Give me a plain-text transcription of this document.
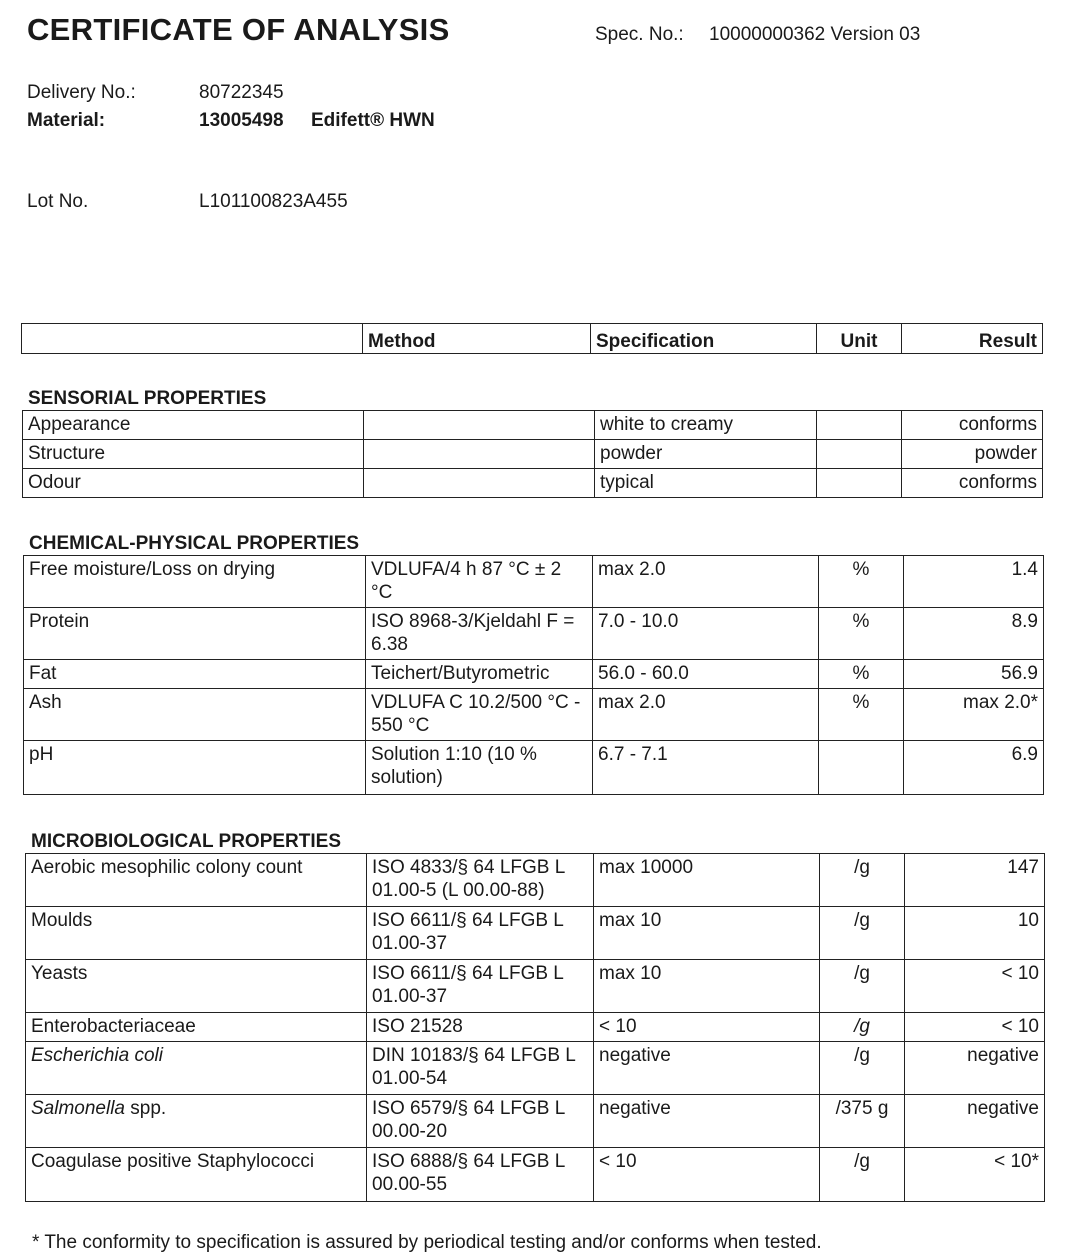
CERTIFICATE OF ANALYSIS	Spec. No.: 10000000362 Version 03
Delivery No.:	80722345
Material:	13005498 Edifett® HWN
Lot No.	L101100823A455
	Method	Specification	Unit	Result
SENSORIAL PROPERTIES
Appearance		white to creamy		conforms
Structure		powder		powder
Odour		typical		conforms
CHEMICAL-PHYSICAL PROPERTIES
Free moisture/Loss on drying	VDLUFA/4 h 87 °C ± 2 °C	max 2.0	%	1.4
Protein	ISO 8968-3/Kjeldahl F = 6.38	7.0 - 10.0	%	8.9
Fat	Teichert/Butyrometric	56.0 - 60.0	%	56.9
Ash	VDLUFA C 10.2/500 °C - 550 °C	max 2.0	%	max 2.0*
pH	Solution 1:10 (10 % solution)	6.7 - 7.1		6.9
MICROBIOLOGICAL PROPERTIES
Aerobic mesophilic colony count	ISO 4833/§ 64 LFGB L 01.00-5 (L 00.00-88)	max 10000	/g	147
Moulds	ISO 6611/§ 64 LFGB L 01.00-37	max 10	/g	10
Yeasts	ISO 6611/§ 64 LFGB L 01.00-37	max 10	/g	< 10
Enterobacteriaceae	ISO 21528	< 10	/g	< 10
Escherichia coli	DIN 10183/§ 64 LFGB L 01.00-54	negative	/g	negative
Salmonella spp.	ISO 6579/§ 64 LFGB L 00.00-20	negative	/375 g	negative
Coagulase positive Staphylococci	ISO 6888/§ 64 LFGB L 00.00-55	< 10	/g	< 10*
* The conformity to specification is assured by periodical testing and/or conforms when tested.
